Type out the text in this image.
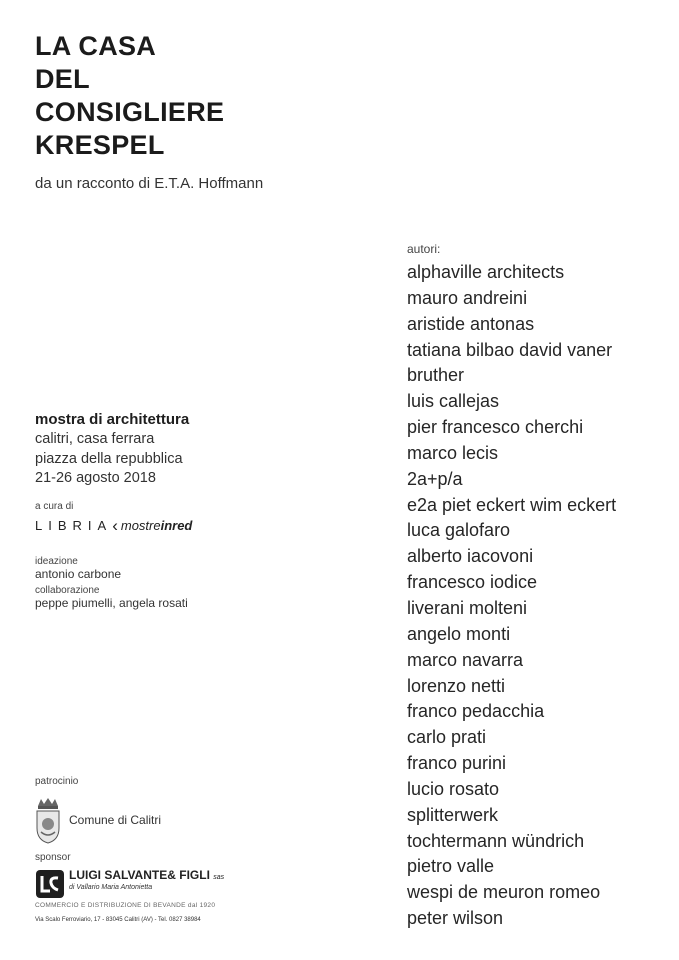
LA CASA
DEL
CONSIGLIERE
KRESPEL
da un racconto di E.T.A. Hoffmann
autori:
alphaville architects
mauro andreini
aristide antonas
tatiana bilbao david vaner
bruther
luis callejas
pier francesco cherchi
marco lecis
2a+p/a
e2a piet eckert wim eckert
luca galofaro
alberto iacovoni
francesco iodice
liverani molteni
angelo monti
marco navarra
lorenzo netti
franco pedacchia
carlo prati
franco purini
lucio rosato
splitterwerk
tochtermann wündrich
pietro valle
wespi de meuron romeo
peter wilson
mostra di architettura
calitri, casa ferrara
piazza della repubblica
21-26 agosto 2018
a cura di
LIBRIA ‹ mostreinred
ideazione
antonio carbone
collaborazione
peppe piumelli, angela rosati
patrocinio
Comune di Calitri
sponsor
LUIGI SALVANTE& FIGLI sas
di Vallario Maria Antonietta
COMMERCIO E DISTRIBUZIONE DI BEVANDE dal 1920
Via Scalo Ferroviario, 17 - 83045 Calitri (AV) - Tel. 0827 38984
